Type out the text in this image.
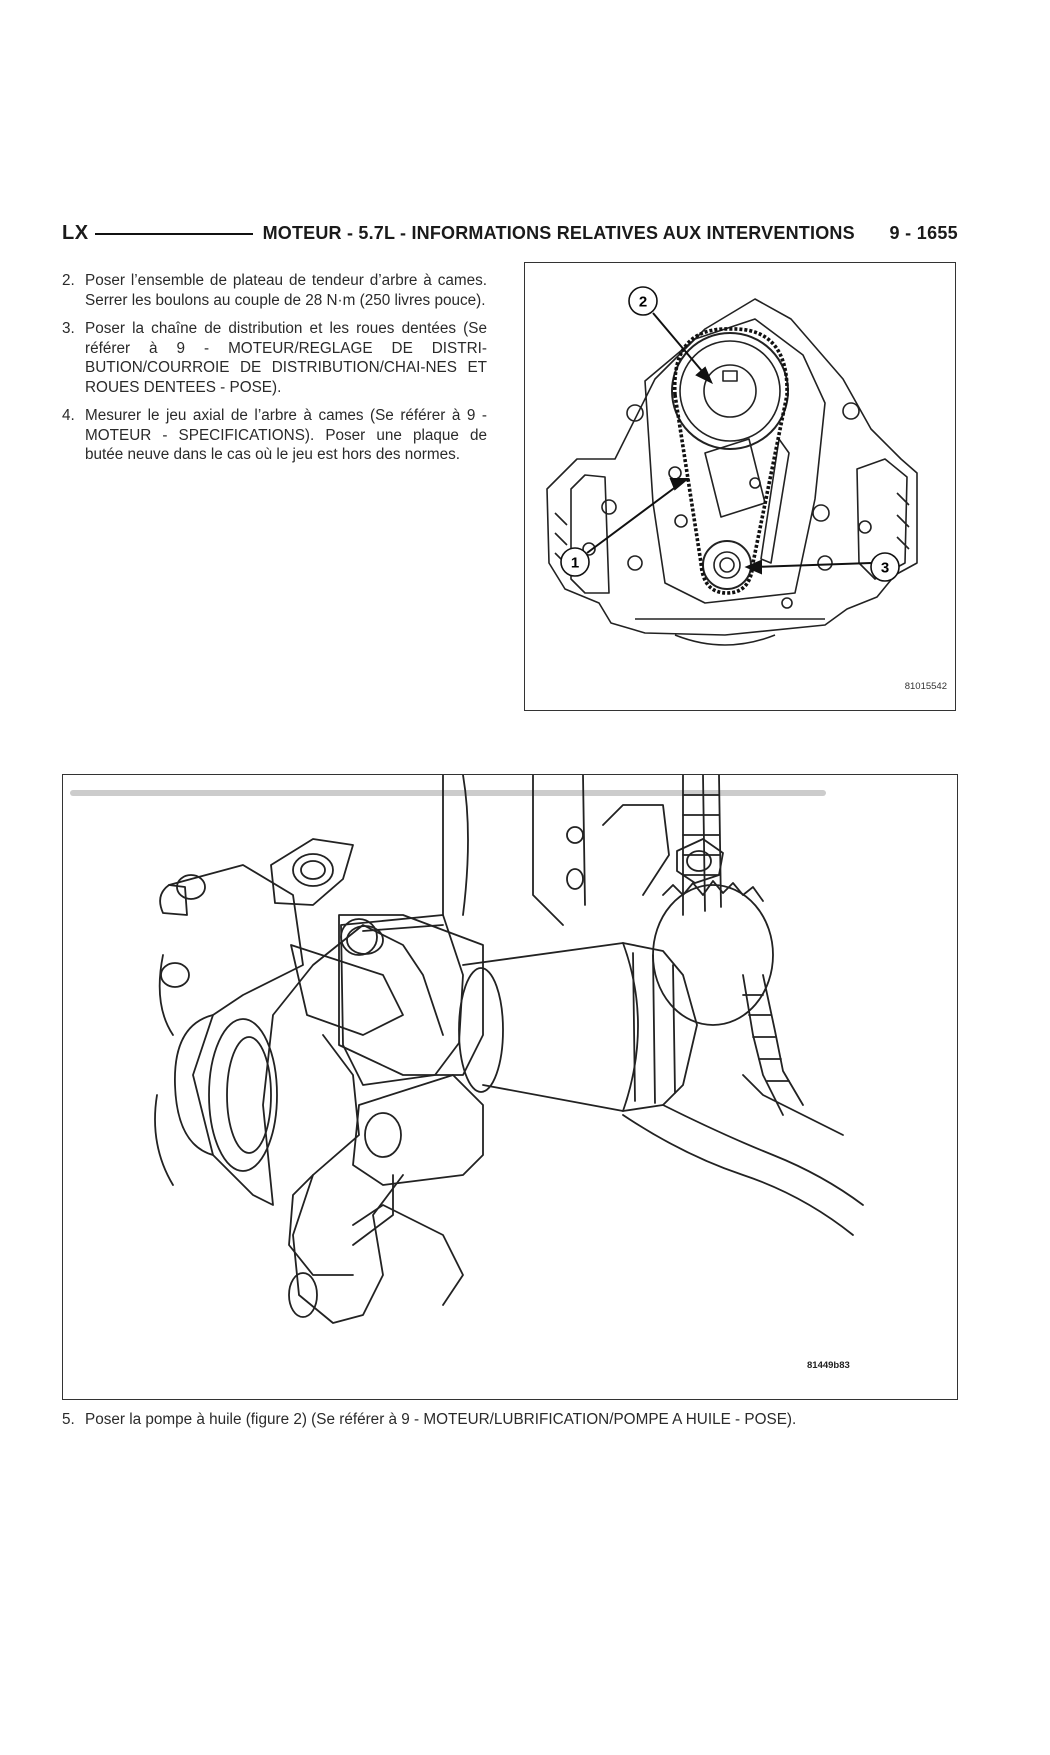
LX	MOTEUR - 5.7L - INFORMATIONS RELATIVES AUX INTERVENTIONS 9 - 1655
2. Poser l’ensemble de plateau de tendeur d’arbre à cames. Serrer les boulons au couple de 28 N·m (250 livres pouce).
3. Poser la chaîne de distribution et les roues dentées (Se référer à 9 - MOTEUR/REGLAGE DE DISTRI-BUTION/COURROIE DE DISTRIBUTION/CHAI-NES ET ROUES DENTEES - POSE).
4. Mesurer le jeu axial de l’arbre à cames (Se référer à 9 - MOTEUR - SPECIFICATIONS). Poser une plaque de butée neuve dans le cas où le jeu est hors des normes.
2
1	3
81015542
81449b83
5. Poser la pompe à huile (figure 2) (Se référer à 9 - MOTEUR/LUBRIFICATION/POMPE A HUILE - POSE).
